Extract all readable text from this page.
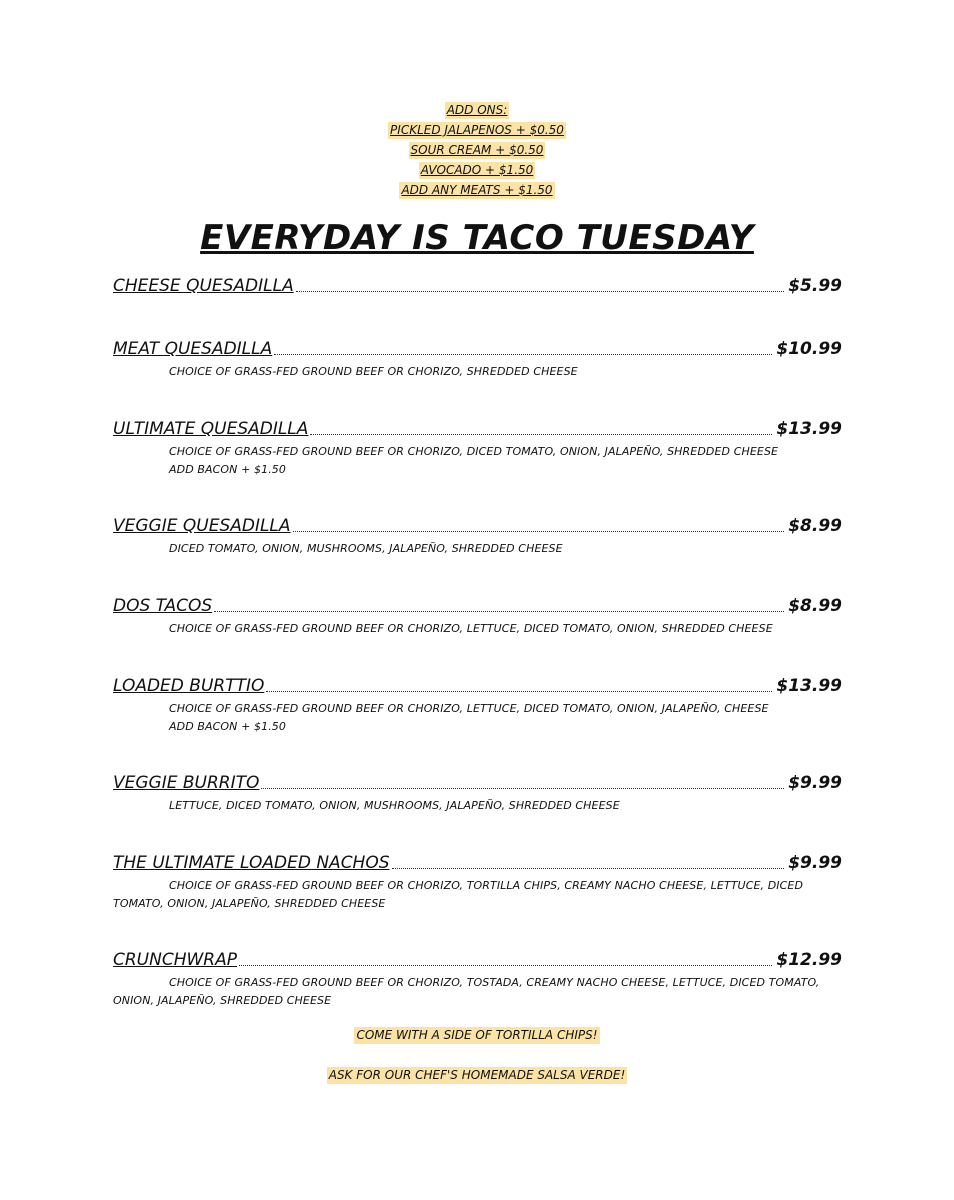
ADD ONS:
PICKLED JALAPENOS + $0.50
SOUR CREAM + $0.50
AVOCADO + $1.50
ADD ANY MEATS + $1.50
EVERYDAY IS TACO TUESDAY
CHEESE QUESADILLA	$5.99
MEAT QUESADILLA	$10.99
CHOICE OF GRASS-FED GROUND BEEF OR CHORIZO, SHREDDED CHEESE
ULTIMATE QUESADILLA	$13.99
CHOICE OF GRASS-FED GROUND BEEF OR CHORIZO, DICED TOMATO, ONION, JALAPEÑO, SHREDDED CHEESE
ADD BACON + $1.50
VEGGIE QUESADILLA	$8.99
DICED TOMATO, ONION, MUSHROOMS, JALAPEÑO, SHREDDED CHEESE
DOS TACOS	$8.99
CHOICE OF GRASS-FED GROUND BEEF OR CHORIZO, LETTUCE, DICED TOMATO, ONION, SHREDDED CHEESE
LOADED BURTTIO	$13.99
CHOICE OF GRASS-FED GROUND BEEF OR CHORIZO, LETTUCE, DICED TOMATO, ONION, JALAPEÑO, CHEESE
ADD BACON + $1.50
VEGGIE BURRITO	$9.99
LETTUCE, DICED TOMATO, ONION, MUSHROOMS, JALAPEÑO, SHREDDED CHEESE
THE ULTIMATE LOADED NACHOS	$9.99
CHOICE OF GRASS-FED GROUND BEEF OR CHORIZO, TORTILLA CHIPS, CREAMY NACHO CHEESE, LETTUCE, DICED TOMATO, ONION, JALAPEÑO, SHREDDED CHEESE
CRUNCHWRAP	$12.99
CHOICE OF GRASS-FED GROUND BEEF OR CHORIZO, TOSTADA, CREAMY NACHO CHEESE, LETTUCE, DICED TOMATO, ONION, JALAPEÑO, SHREDDED CHEESE
COME WITH A SIDE OF TORTILLA CHIPS!
ASK FOR OUR CHEF'S HOMEMADE SALSA VERDE!
